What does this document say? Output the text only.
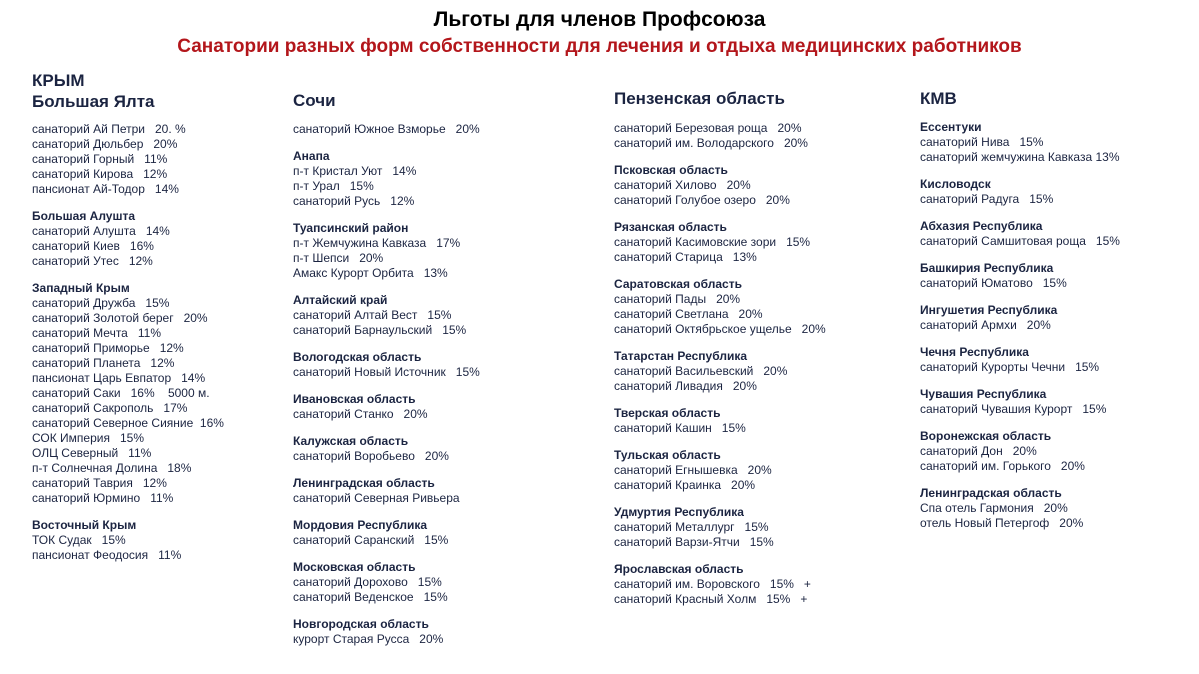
Льготы для членов Профсоюза
Санатории разных форм собственности для лечения и отдыха медицинских работников
КРЫМ
Большая Ялта
санаторий Ай Петри   20. %
санаторий Дюльбер   20%
санаторий Горный   11%
санаторий Кирова   12%
пансионат Ай-Тодор   14%
Большая Алушта
санаторий Алушта   14%
санаторий Киев   16%
санаторий Утес   12%
Западный Крым
санаторий Дружба   15%
санаторий Золотой берег   20%
санаторий Мечта   11%
санаторий Приморье   12%
санаторий Планета   12%
пансионат Царь Евпатор   14%
санаторий Саки   16%    5000 м.
санаторий Сакрополь   17%
санаторий Северное Сияние  16%
СОК Империя   15%
ОЛЦ Северный   11%
п-т Солнечная Долина   18%
санаторий Таврия   12%
санаторий Юрмино   11%
Восточный Крым
ТОК Судак   15%
пансионат Феодосия   11%
Сочи
санаторий Южное Взморье   20%
Анапа
п-т Кристал Уют   14%
п-т Урал   15%
санаторий Русь   12%
Туапсинский район
п-т Жемчужина Кавказа   17%
п-т Шепси   20%
Амакс Курорт Орбита   13%
Алтайский край
санаторий Алтай Вест   15%
санаторий Барнаульский   15%
Вологодская область
санаторий Новый Источник   15%
Ивановская область
санаторий Станко   20%
Калужская область
санаторий Воробьево   20%
Ленинградская область
санаторий Северная Ривьера
Мордовия Республика
санаторий Саранский   15%
Московская область
санаторий Дорохово   15%
санаторий Веденское   15%
Новгородская область
курорт Старая Русса   20%
Пензенская область
санаторий Березовая роща   20%
санаторий им. Володарского   20%
Псковская область
санаторий Хилово   20%
санаторий Голубое озеро   20%
Рязанская область
санаторий Касимовские зори   15%
санаторий Старица   13%
Саратовская область
санаторий Пады   20%
санаторий Светлана   20%
санаторий Октябрьское ущелье   20%
Татарстан Республика
санаторий Васильевский   20%
санаторий Ливадия   20%
Тверская область
санаторий Кашин   15%
Тульская область
санаторий Егнышевка   20%
санаторий Краинка   20%
Удмуртия Республика
санаторий Металлург   15%
санаторий Варзи-Ятчи   15%
Ярославская область
санаторий им. Воровского   15%   +
санаторий Красный Холм   15%   +
КМВ
Ессентуки
санаторий Нива   15%
санаторий жемчужина Кавказа 13%
Кисловодск
санаторий Радуга   15%
Абхазия Республика
санаторий Самшитовая роща   15%
Башкирия Республика
санаторий Юматово   15%
Ингушетия Республика
санаторий Армхи   20%
Чечня Республика
санаторий Курорты Чечни   15%
Чувашия Республика
санаторий Чувашия Курорт   15%
Воронежская область
санаторий Дон   20%
санаторий им. Горького   20%
Ленинградская область
Спа отель Гармония   20%
отель Новый Петергоф   20%
